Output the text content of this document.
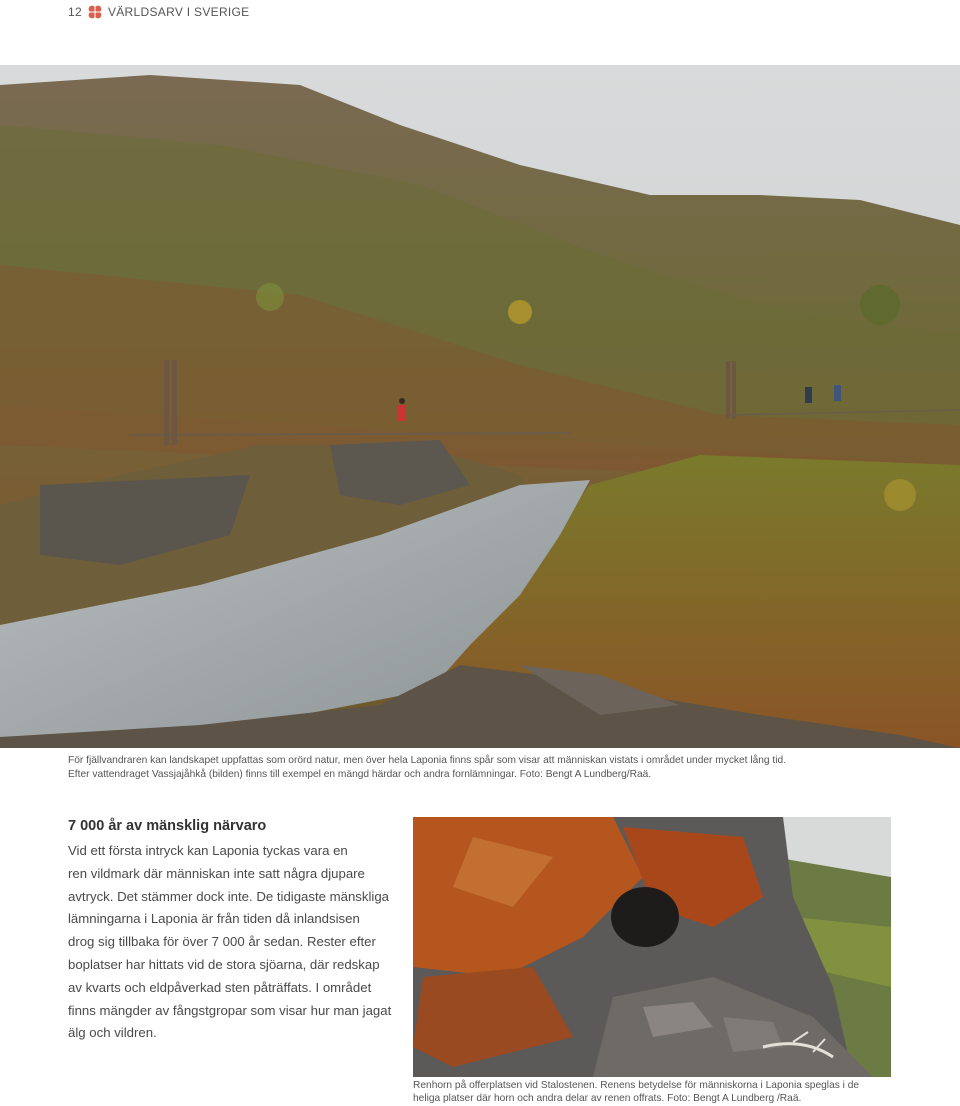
12 VÄRLDSARV I SVERIGE

För fjällvandraren kan landskapet uppfattas som orörd natur, men över hela Laponia finns spår som visar att människan vistats i området under mycket lång tid.

Efter vattendraget Vassjajåhkå (bilden) finns till exempel en mängd härdar och andra fornlämningar. Foto: Bengt A Lundberg/Raä.

7 000 år av mänsklig närvaro
Vid ett första intryck kan Laponia tyckas vara en
ren vildmark där människan inte satt några djupare
avtryck. Det stämmer dock inte. De tidigaste mänskliga
lämningarna i Laponia är från tiden då inlandsisen
drog sig tillbaka för över 7 000 år sedan. Rester efter
boplatser har hittats vid de stora sjöarna, där redskap
av kvarts och eldpåverkad sten påträffats. I området
finns mängder av fångstgropar som visar hur man jagat
älg och vildren.

Renhorn på offerplatsen vid Stalostenen. Renens betydelse för människorna i Laponia speglas i de

heliga platser där horn och andra delar av renen offrats. Foto: Bengt A Lundberg /Raä.
